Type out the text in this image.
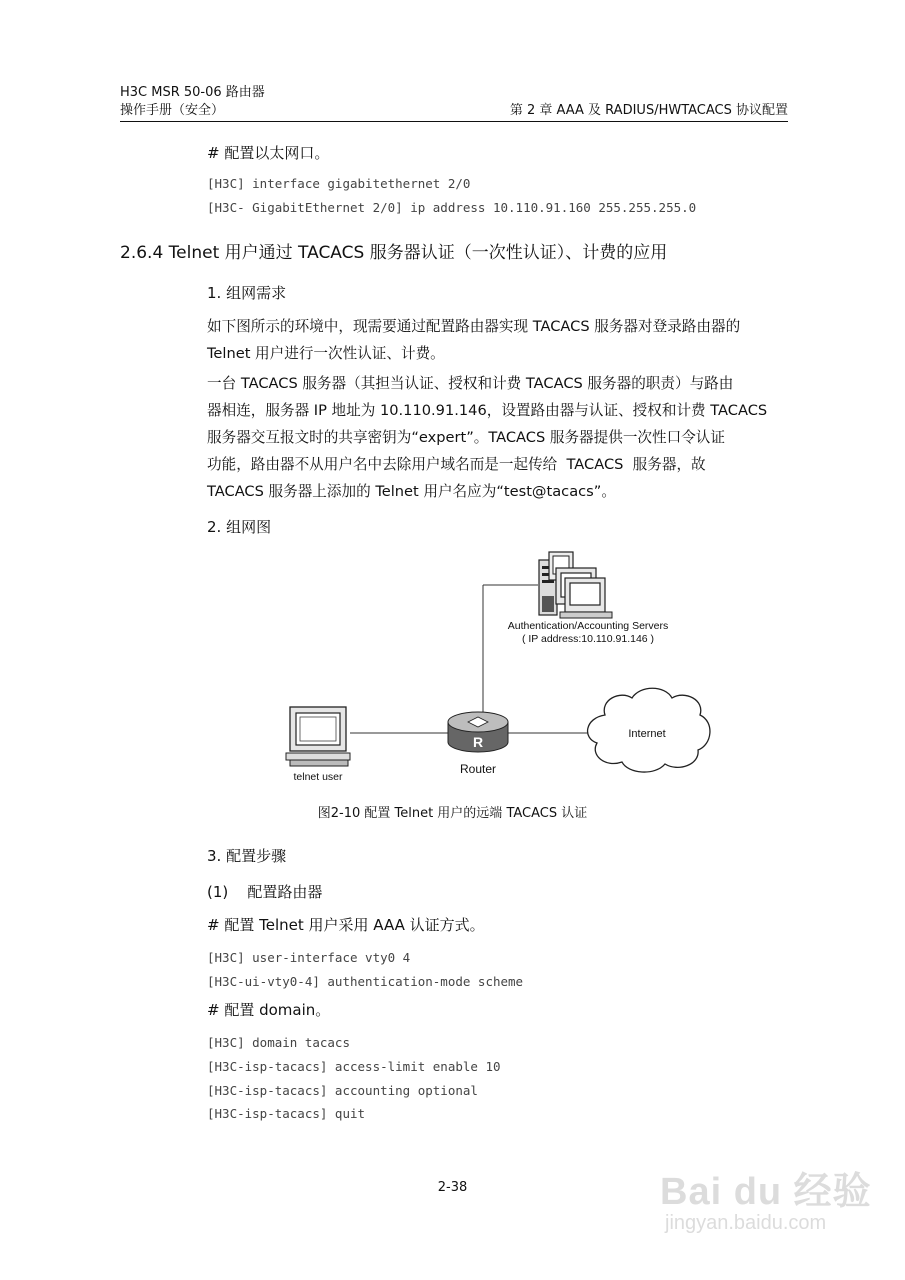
H3C MSR 50-06 路由器
操作手册（安全）	第 2 章 AAA 及 RADIUS/HWTACACS 协议配置
# 配置以太网口。
[H3C] interface gigabitethernet 2/0
[H3C- GigabitEthernet 2/0] ip address 10.110.91.160 255.255.255.0
2.6.4 Telnet 用户通过 TACACS 服务器认证（一次性认证）、计费的应用
1. 组网需求
如下图所示的环境中，现需要通过配置路由器实现 TACACS 服务器对登录路由器的
Telnet 用户进行一次性认证、计费。
一台 TACACS 服务器（其担当认证、授权和计费 TACACS 服务器的职责）与路由
器相连，服务器 IP 地址为 10.110.91.146，设置路由器与认证、授权和计费 TACACS
服务器交互报文时的共享密钥为“expert”。TACACS 服务器提供一次性口令认证
功能，路由器不从用户名中去除用户域名而是一起传给  TACACS  服务器，故
TACACS 服务器上添加的 Telnet 用户名应为“test@tacacs”。
2. 组网图
Authentication/Accounting Servers
( IP address:10.110.91.146 )
telnet user
R
Router
Internet
图2-10 配置 Telnet 用户的远端 TACACS 认证
3. 配置步骤
(1)    配置路由器
# 配置 Telnet 用户采用 AAA 认证方式。
[H3C] user-interface vty0 4
[H3C-ui-vty0-4] authentication-mode scheme
# 配置 domain。
[H3C] domain tacacs
[H3C-isp-tacacs] access-limit enable 10
[H3C-isp-tacacs] accounting optional
[H3C-isp-tacacs] quit
2-38	Bai du 经验
jingyan.baidu.com
